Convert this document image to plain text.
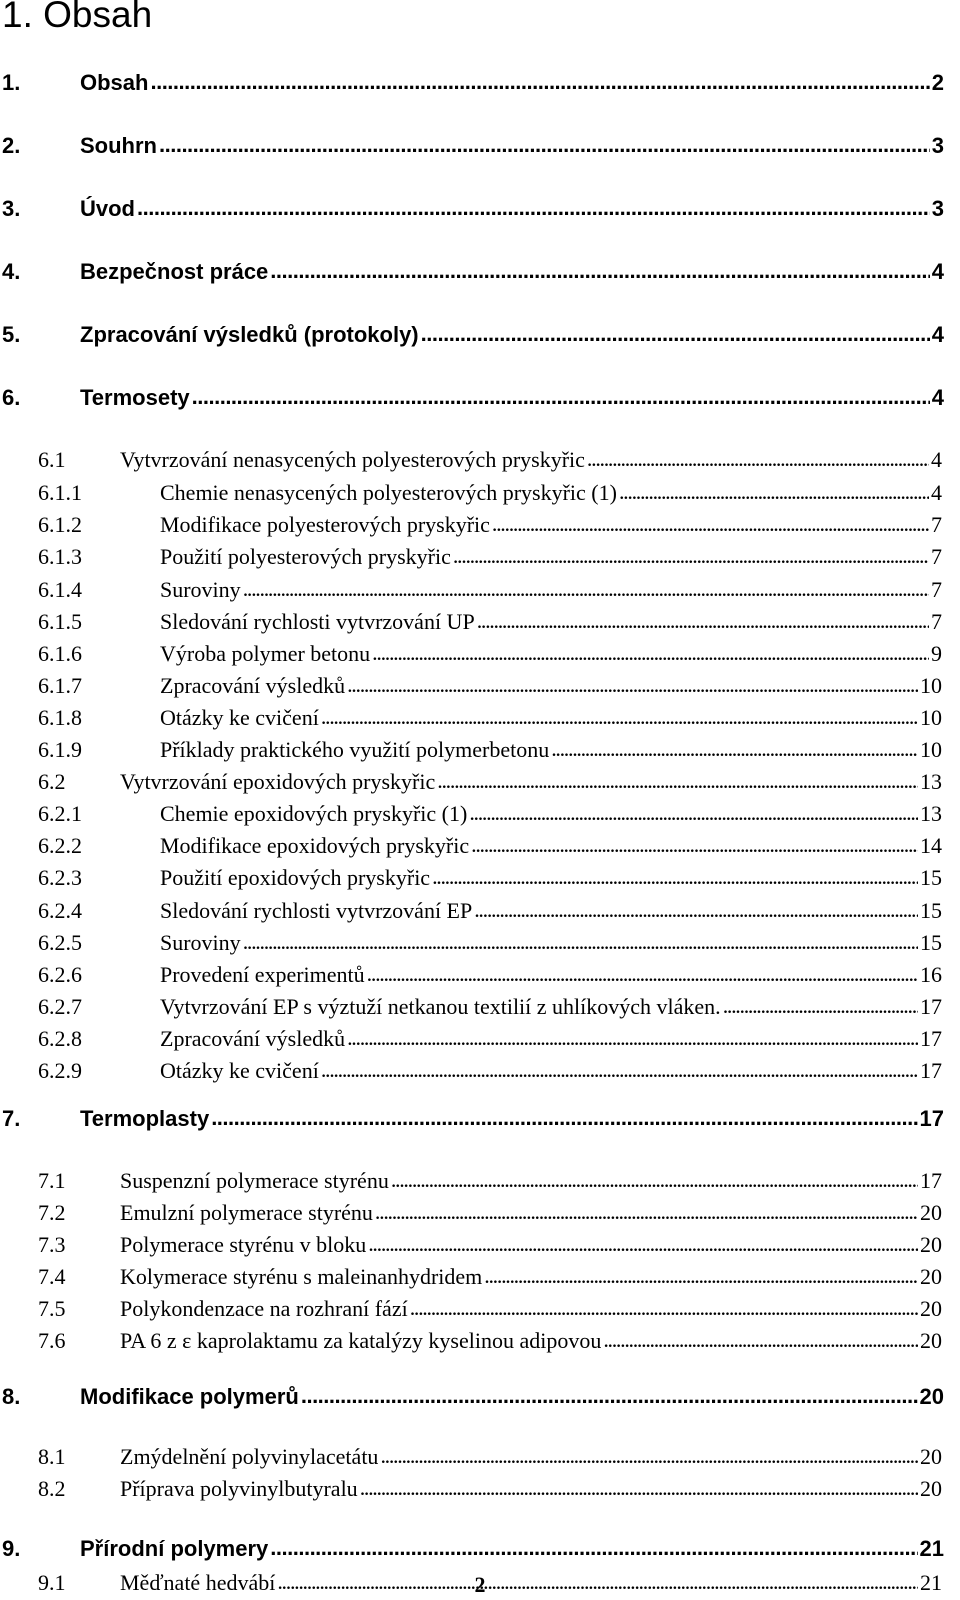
1. Obsah
1.	Obsah .....	2
2.	Souhrn .....	3
3.	Úvod .....	3
4.	Bezpečnost práce .....	4
5.	Zpracování výsledků (protokoly) .....	4
6.	Termosety .....	4
6.1	Vytvrzování nenasycených polyesterových pryskyřic .....	4
6.1.1	Chemie nenasycených polyesterových pryskyřic (1) .....	4
6.1.2	Modifikace polyesterových pryskyřic .....	7
6.1.3	Použití polyesterových pryskyřic .....	7
6.1.4	Suroviny .....	7
6.1.5	Sledování rychlosti vytvrzování UP .....	7
6.1.6	Výroba polymer betonu .....	9
6.1.7	Zpracování výsledků .....	10
6.1.8	Otázky ke cvičení .....	10
6.1.9	Příklady praktického využití polymerbetonu .....	10
6.2	Vytvrzování epoxidových pryskyřic .....	13
6.2.1	Chemie epoxidových pryskyřic (1) .....	13
6.2.2	Modifikace epoxidových pryskyřic .....	14
6.2.3	Použití epoxidových pryskyřic .....	15
6.2.4	Sledování rychlosti vytvrzování EP .....	15
6.2.5	Suroviny .....	15
6.2.6	Provedení experimentů .....	16
6.2.7	Vytvrzování EP s výztuží netkanou textilií z uhlíkových vláken. .....	17
6.2.8	Zpracování výsledků .....	17
6.2.9	Otázky ke cvičení .....	17
7.	Termoplasty .....	17
7.1	Suspenzní polymerace styrénu .....	17
7.2	Emulzní polymerace styrénu .....	20
7.3	Polymerace styrénu v bloku .....	20
7.4	Kolymerace styrénu s maleinanhydridem .....	20
7.5	Polykondenzace na rozhraní fází .....	20
7.6	PA 6 z ε kaprolaktamu za katalýzy kyselinou adipovou .....	20
8.	Modifikace polymerů .....	20
8.1	Zmýdelnění polyvinylacetátu .....	20
8.2	Příprava polyvinylbutyralu .....	20
9.	Přírodní polymery .....	21
9.1	Měďnaté hedvábí .....	21
2
